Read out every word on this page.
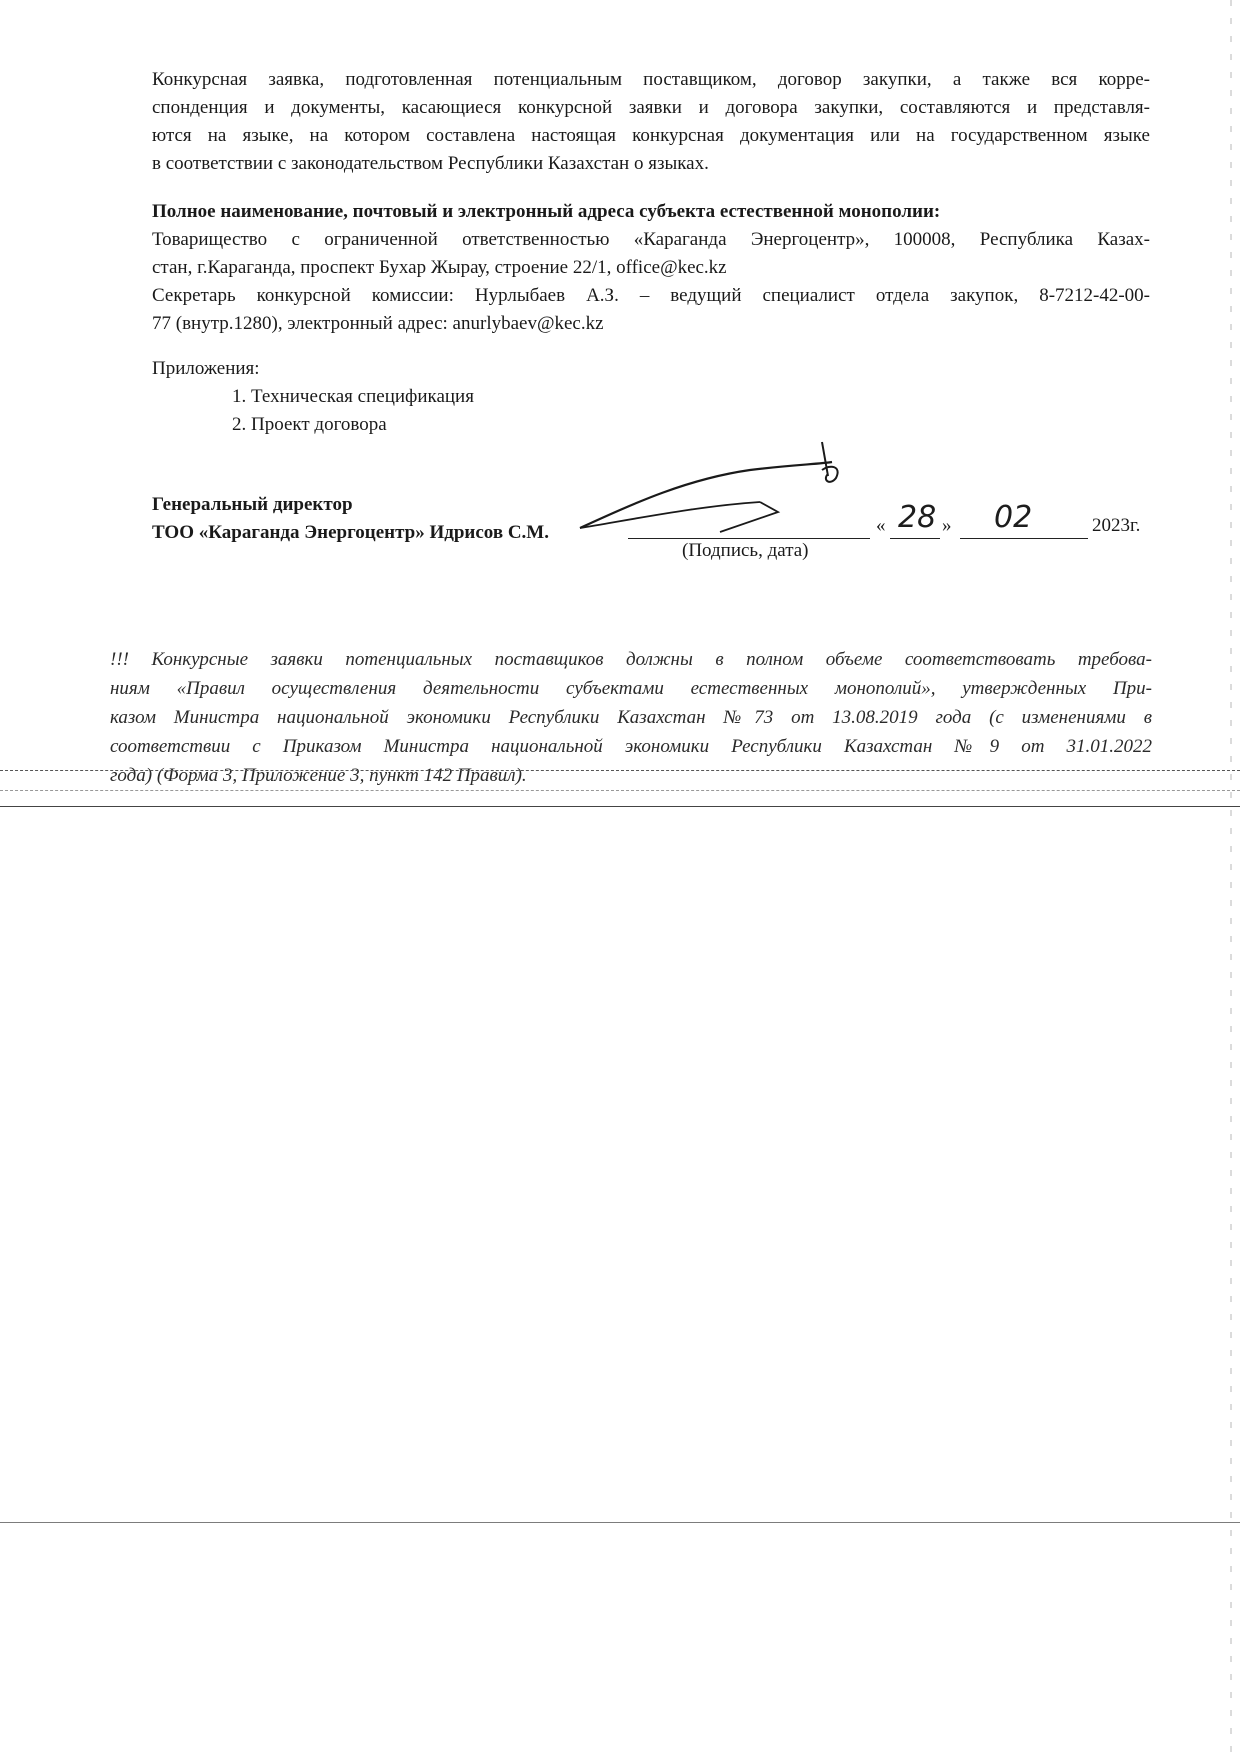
Конкурсная заявка, подготовленная потенциальным поставщиком, договор закупки, а также вся корре-
спонденция и документы, касающиеся конкурсной заявки и договора закупки, составляются и представля-
ются на языке, на котором составлена настоящая конкурсная документация или на государственном языке
в соответствии с законодательством Республики Казахстан о языках.
Полное наименование, почтовый и электронный адреса субъекта естественной монополии:
Товарищество с ограниченной ответственностью «Караганда Энергоцентр», 100008, Республика Казах-
стан, г.Караганда, проспект Бухар Жырау, строение 22/1, office@kec.kz
Секретарь конкурсной комиссии: Нурлыбаев А.З. – ведущий специалист отдела закупок, 8-7212-42-00-
77 (внутр.1280), электронный адрес: anurlybaev@kec.kz
Приложения:
1. Техническая спецификация
2. Проект договора
Генеральный директор
ТОО «Караганда Энергоцентр» Идрисов С.М.
(Подпись, дата)
« 28 » 02	2023г.
!!! Конкурсные заявки потенциальных поставщиков должны в полном объеме соответствовать требова-
ниям «Правил осуществления деятельности субъектами естественных монополий», утвержденных При-
казом Министра национальной экономики Республики Казахстан №73 от 13.08.2019 года (с изменениями в
соответствии с Приказом Министра национальной экономики Республики Казахстан №9 от 31.01.2022
года) (Форма 3, Приложение 3, пункт 142 Правил).
